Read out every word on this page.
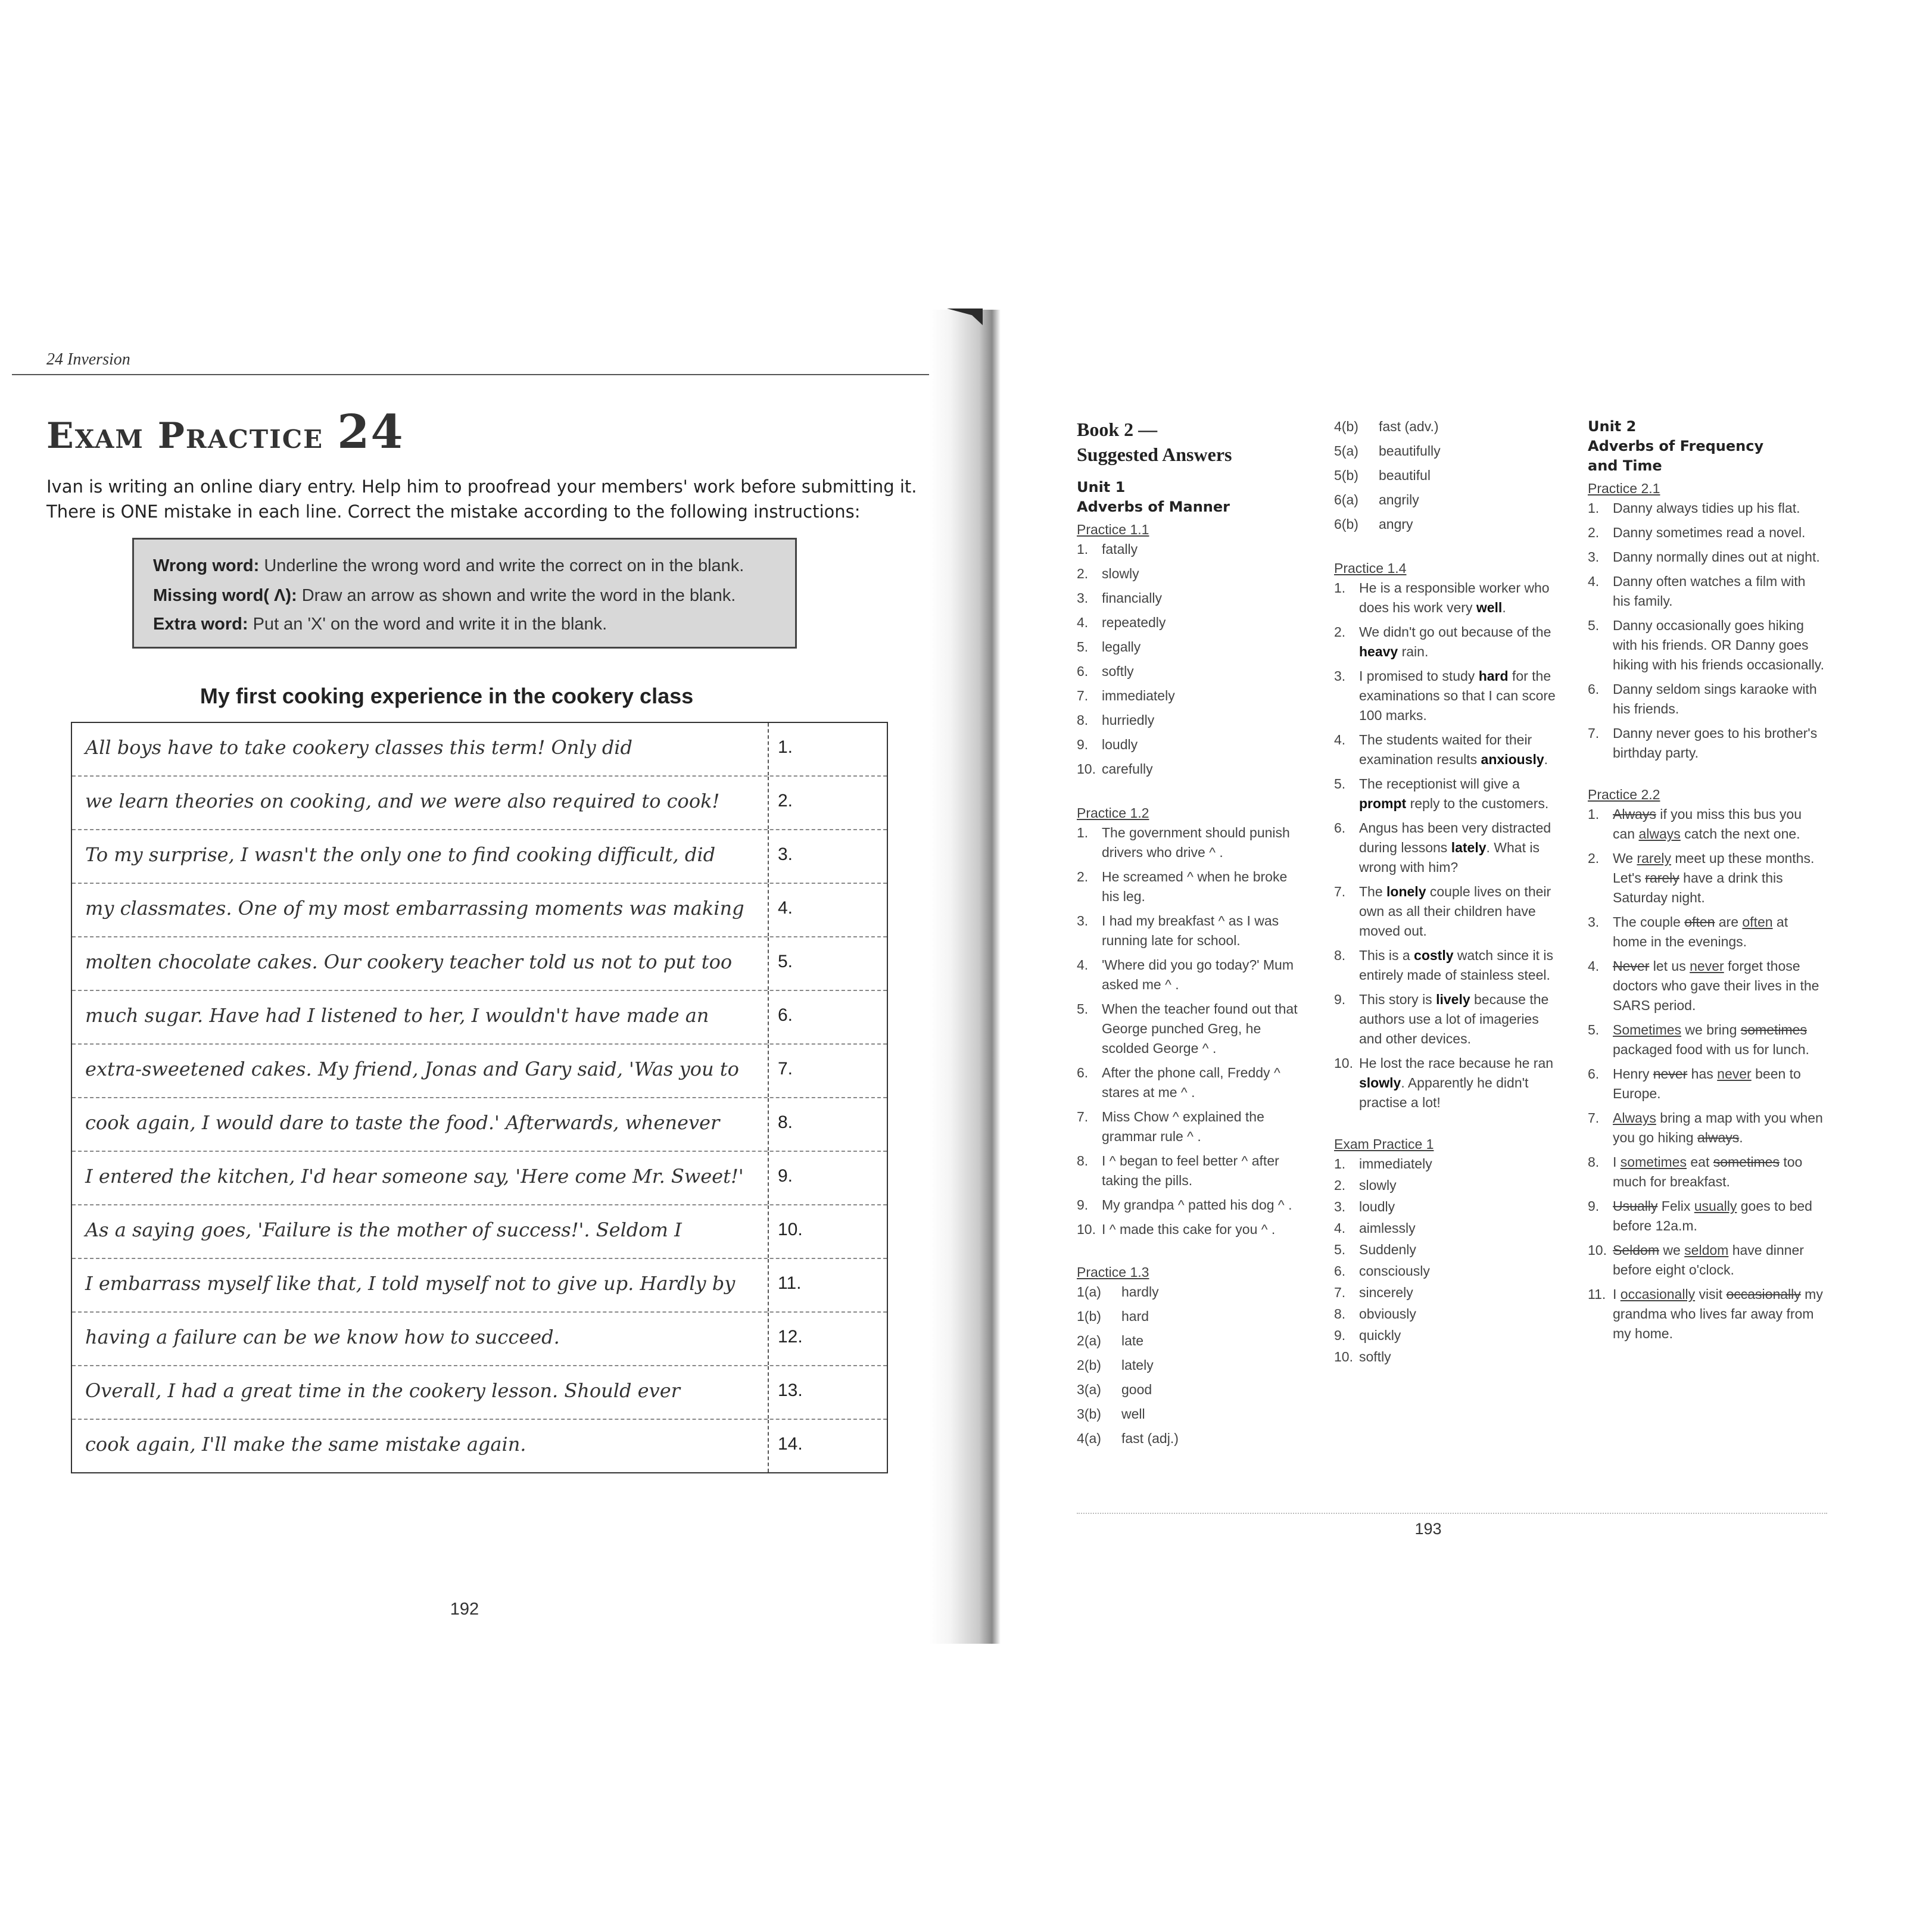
24 Inversion
Exam Practice 24
Ivan is writing an online diary entry. Help him to proofread your members' work before submitting it.
There is ONE mistake in each line. Correct the mistake according to the following instructions:
Wrong word: Underline the wrong word and write the correct on in the blank.
Missing word( Λ): Draw an arrow as shown and write the word in the blank.
Extra word: Put an 'X' on the word and write it in the blank.
My first cooking experience in the cookery class
All boys have to take cookery classes this term! Only did	1.
we learn theories on cooking, and we were also required to cook!	2.
To my surprise, I wasn't the only one to find cooking difficult, did	3.
my classmates. One of my most embarrassing moments was making 4.
molten chocolate cakes. Our cookery teacher told us not to put too	5.
much sugar. Have had I listened to her, I wouldn't have made an	6.
extra-sweetened cakes. My friend, Jonas and Gary said, 'Was you to 7.
cook again, I would dare to taste the food.' Afterwards, whenever	8.
I entered the kitchen, I'd hear someone say, 'Here come Mr. Sweet!' 9.
As a saying goes, 'Failure is the mother of success!'. Seldom I	10.
I embarrass myself like that, I told myself not to give up. Hardly by 11.
having a failure can be we know how to succeed.	12.
Overall, I had a great time in the cookery lesson. Should ever	13.
cook again, I'll make the same mistake again.	14.
192
Book 2 —
Suggested Answers
Unit 1
Adverbs of Manner
Practice 1.1
1. fatally
2. slowly
3. financially
4. repeatedly
5. legally
6. softly
7. immediately
8. hurriedly
9. loudly
10. carefully
Practice 1.2
1. The government should punish drivers who drive ^ .
2. He screamed ^ when he broke his leg.
3. I had my breakfast ^ as I was running late for school.
4. 'Where did you go today?' Mum asked me ^ .
5. When the teacher found out that George punched Greg, he scolded George ^ .
6. After the phone call, Freddy ^ stares at me ^ .
7. Miss Chow ^ explained the grammar rule ^ .
8. I ^ began to feel better ^ after taking the pills.
9. My grandpa ^ patted his dog ^ .
10. I ^ made this cake for you ^ .
Practice 1.3
1(a) hardly
1(b) hard
2(a) late
2(b) lately
3(a) good
3(b) well
4(a) fast (adj.)
4(b) fast (adv.)
5(a) beautifully
5(b) beautiful
6(a) angrily
6(b) angry
Practice 1.4
1. He is a responsible worker who does his work very well.
2. We didn't go out because of the heavy rain.
3. I promised to study hard for the examinations so that I can score 100 marks.
4. The students waited for their examination results anxiously.
5. The receptionist will give a prompt reply to the customers.
6. Angus has been very distracted during lessons lately. What is wrong with him?
7. The lonely couple lives on their own as all their children have moved out.
8. This is a costly watch since it is entirely made of stainless steel.
9. This story is lively because the authors use a lot of imageries and other devices.
10. He lost the race because he ran slowly. Apparently he didn't practise a lot!
Exam Practice 1
1. immediately
2. slowly
3. loudly
4. aimlessly
5. Suddenly
6. consciously
7. sincerely
8. obviously
9. quickly
10. softly
Unit 2
Adverbs of Frequency
and Time
Practice 2.1
1. Danny always tidies up his flat.
2. Danny sometimes read a novel.
3. Danny normally dines out at night.
4. Danny often watches a film with his family.
5. Danny occasionally goes hiking with his friends. OR Danny goes hiking with his friends occasionally.
6. Danny seldom sings karaoke with his friends.
7. Danny never goes to his brother's birthday party.
Practice 2.2
1. Always if you miss this bus you can always catch the next one.
2. We rarely meet up these months. Let's rarely have a drink this Saturday night.
3. The couple often are often at home in the evenings.
4. Never let us never forget those doctors who gave their lives in the SARS period.
5. Sometimes we bring sometimes packaged food with us for lunch.
6. Henry never has never been to Europe.
7. Always bring a map with you when you go hiking always.
8. I sometimes eat sometimes too much for breakfast.
9. Usually Felix usually goes to bed before 12a.m.
10. Seldom we seldom have dinner before eight o'clock.
11. I occasionally visit occasionally my grandma who lives far away from my home.
193
